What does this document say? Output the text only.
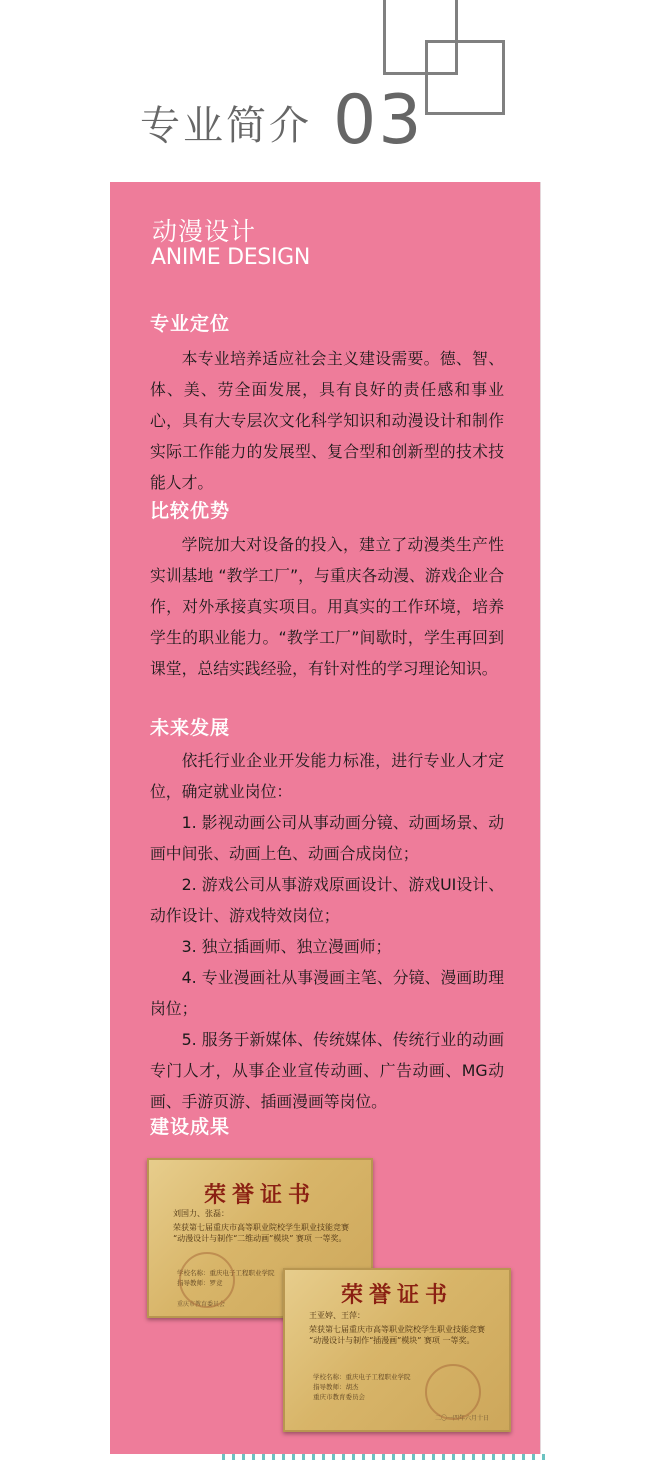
专业简介 03
动漫设计
ANIME DESIGN
专业定位
本专业培养适应社会主义建设需要。德、智、体、美、劳全面发展，具有良好的责任感和事业心，具有大专层次文化科学知识和动漫设计和制作实际工作能力的发展型、复合型和创新型的技术技能人才。
比较优势
学院加大对设备的投入，建立了动漫类生产性实训基地 “教学工厂”，与重庆各动漫、游戏企业合作，对外承接真实项目。用真实的工作环境，培养学生的职业能力。“教学工厂”间歇时，学生再回到课堂，总结实践经验，有针对性的学习理论知识。
未来发展
依托行业企业开发能力标准，进行专业人才定位，确定就业岗位：
1. 影视动画公司从事动画分镜、动画场景、动画中间张、动画上色、动画合成岗位；
2. 游戏公司从事游戏原画设计、游戏UI设计、动作设计、游戏特效岗位；
3. 独立插画师、独立漫画师；
4. 专业漫画社从事漫画主笔、分镜、漫画助理岗位；
5. 服务于新媒体、传统媒体、传统行业的动画专门人才，从事企业宣传动画、广告动画、MG动画、手游页游、插画漫画等岗位。
建设成果
荣誉证书
刘国力、张磊：
荣获第七届重庆市高等职业院校学生职业技能竞赛 “动漫设计与制作“二维动画”模块” 赛项 一等奖。
学校名称：重庆电子工程职业学院
指导教师：罗竞
重庆市教育委员会	荣誉证书
王亚婷、王萍：
荣获第七届重庆市高等职业院校学生职业技能竞赛 “动漫设计与制作“插漫画”模块” 赛项 一等奖。
学校名称：重庆电子工程职业学院
指导教师：胡杰
重庆市教育委员会
二〇一四年六月十日
